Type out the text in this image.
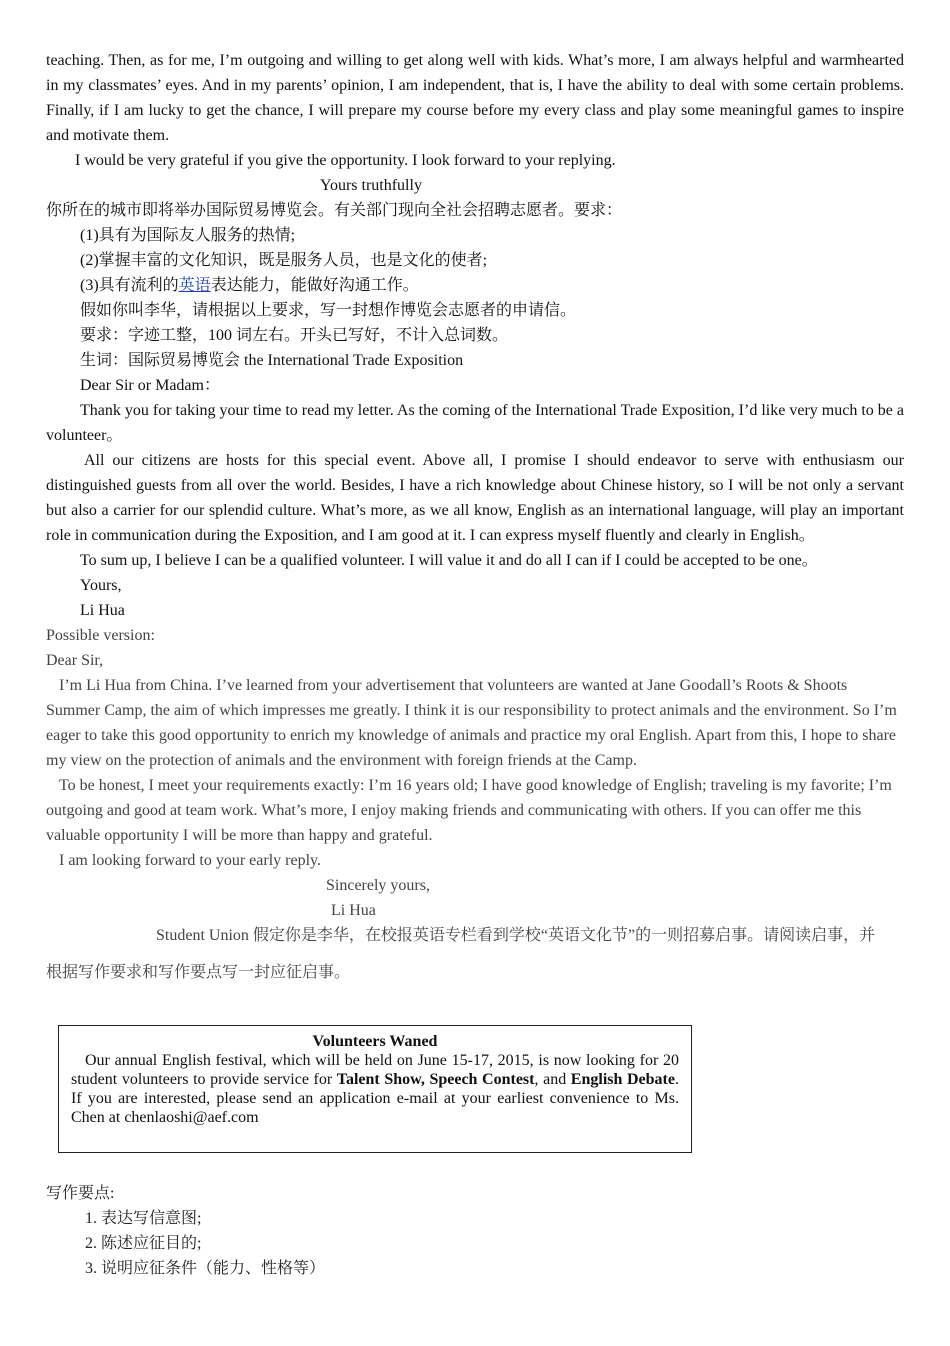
teaching. Then, as for me, I’m outgoing and willing to get along well with kids. What’s more, I am always helpful and warmhearted in my classmates’ eyes. And in my parents’ opinion, I am independent, that is, I have the ability to deal with some certain problems. Finally, if I am lucky to get the chance, I will prepare my course before my every class and play some meaningful games to inspire and motivate them.

I would be very grateful if you give the opportunity. I look forward to your replying.

Yours truthfully

你所在的城市即将举办国际贸易博览会。有关部门现向全社会招聘志愿者。要求：

(1)具有为国际友人服务的热情;

(2)掌握丰富的文化知识，既是服务人员，也是文化的使者;

(3)具有流利的英语表达能力，能做好沟通工作。

假如你叫李华，请根据以上要求，写一封想作博览会志愿者的申请信。

要求：字迹工整，100 词左右。开头已写好，不计入总词数。

生词：国际贸易博览会 the International Trade Exposition

Dear Sir or Madam：

Thank you for taking your time to read my letter. As the coming of the International Trade Exposition, I’d like very much to be a volunteer。

All our citizens are hosts for this special event. Above all, I promise I should endeavor to serve with enthusiasm our distinguished guests from all over the world. Besides, I have a rich knowledge about Chinese history, so I will be not only a servant but also a carrier for our splendid culture. What’s more, as we all know, English as an international language, will play an important role in communication during the Exposition, and I am good at it. I can express myself fluently and clearly in English。

To sum up, I believe I can be a qualified volunteer. I will value it and do all I can if I could be accepted to be one。

Yours,

Li Hua

Possible version:

Dear Sir,

I’m Li Hua from China. I’ve learned from your advertisement that volunteers are wanted at Jane Goodall’s Roots & Shoots Summer Camp, the aim of which impresses me greatly. I think it is our responsibility to protect animals and the environment. So I’m eager to take this good opportunity to enrich my knowledge of animals and practice my oral English. Apart from this, I hope to share my view on the protection of animals and the environment with foreign friends at the Camp.

To be honest, I meet your requirements exactly: I’m 16 years old; I have good knowledge of English; traveling is my favorite; I’m outgoing and good at team work. What’s more, I enjoy making friends and communicating with others. If you can offer me this valuable opportunity I will be more than happy and grateful.

I am looking forward to your early reply.

Sincerely yours,

Li Hua

Student Union 假定你是李华，在校报英语专栏看到学校“英语文化节”的一则招募启事。请阅读启事，并

根据写作要求和写作要点写一封应征启事。

Volunteers Waned
Our annual English festival, which will be held on June 15-17, 2015, is now looking for 20 student volunteers to provide service for Talent Show, Speech Contest, and English Debate. If you are interested, please send an application e-mail at your earliest convenience to Ms. Chen at chenlaoshi@aef.com

写作要点:

1. 表达写信意图;
2. 陈述应征目的;
3. 说明应征条件（能力、性格等）
